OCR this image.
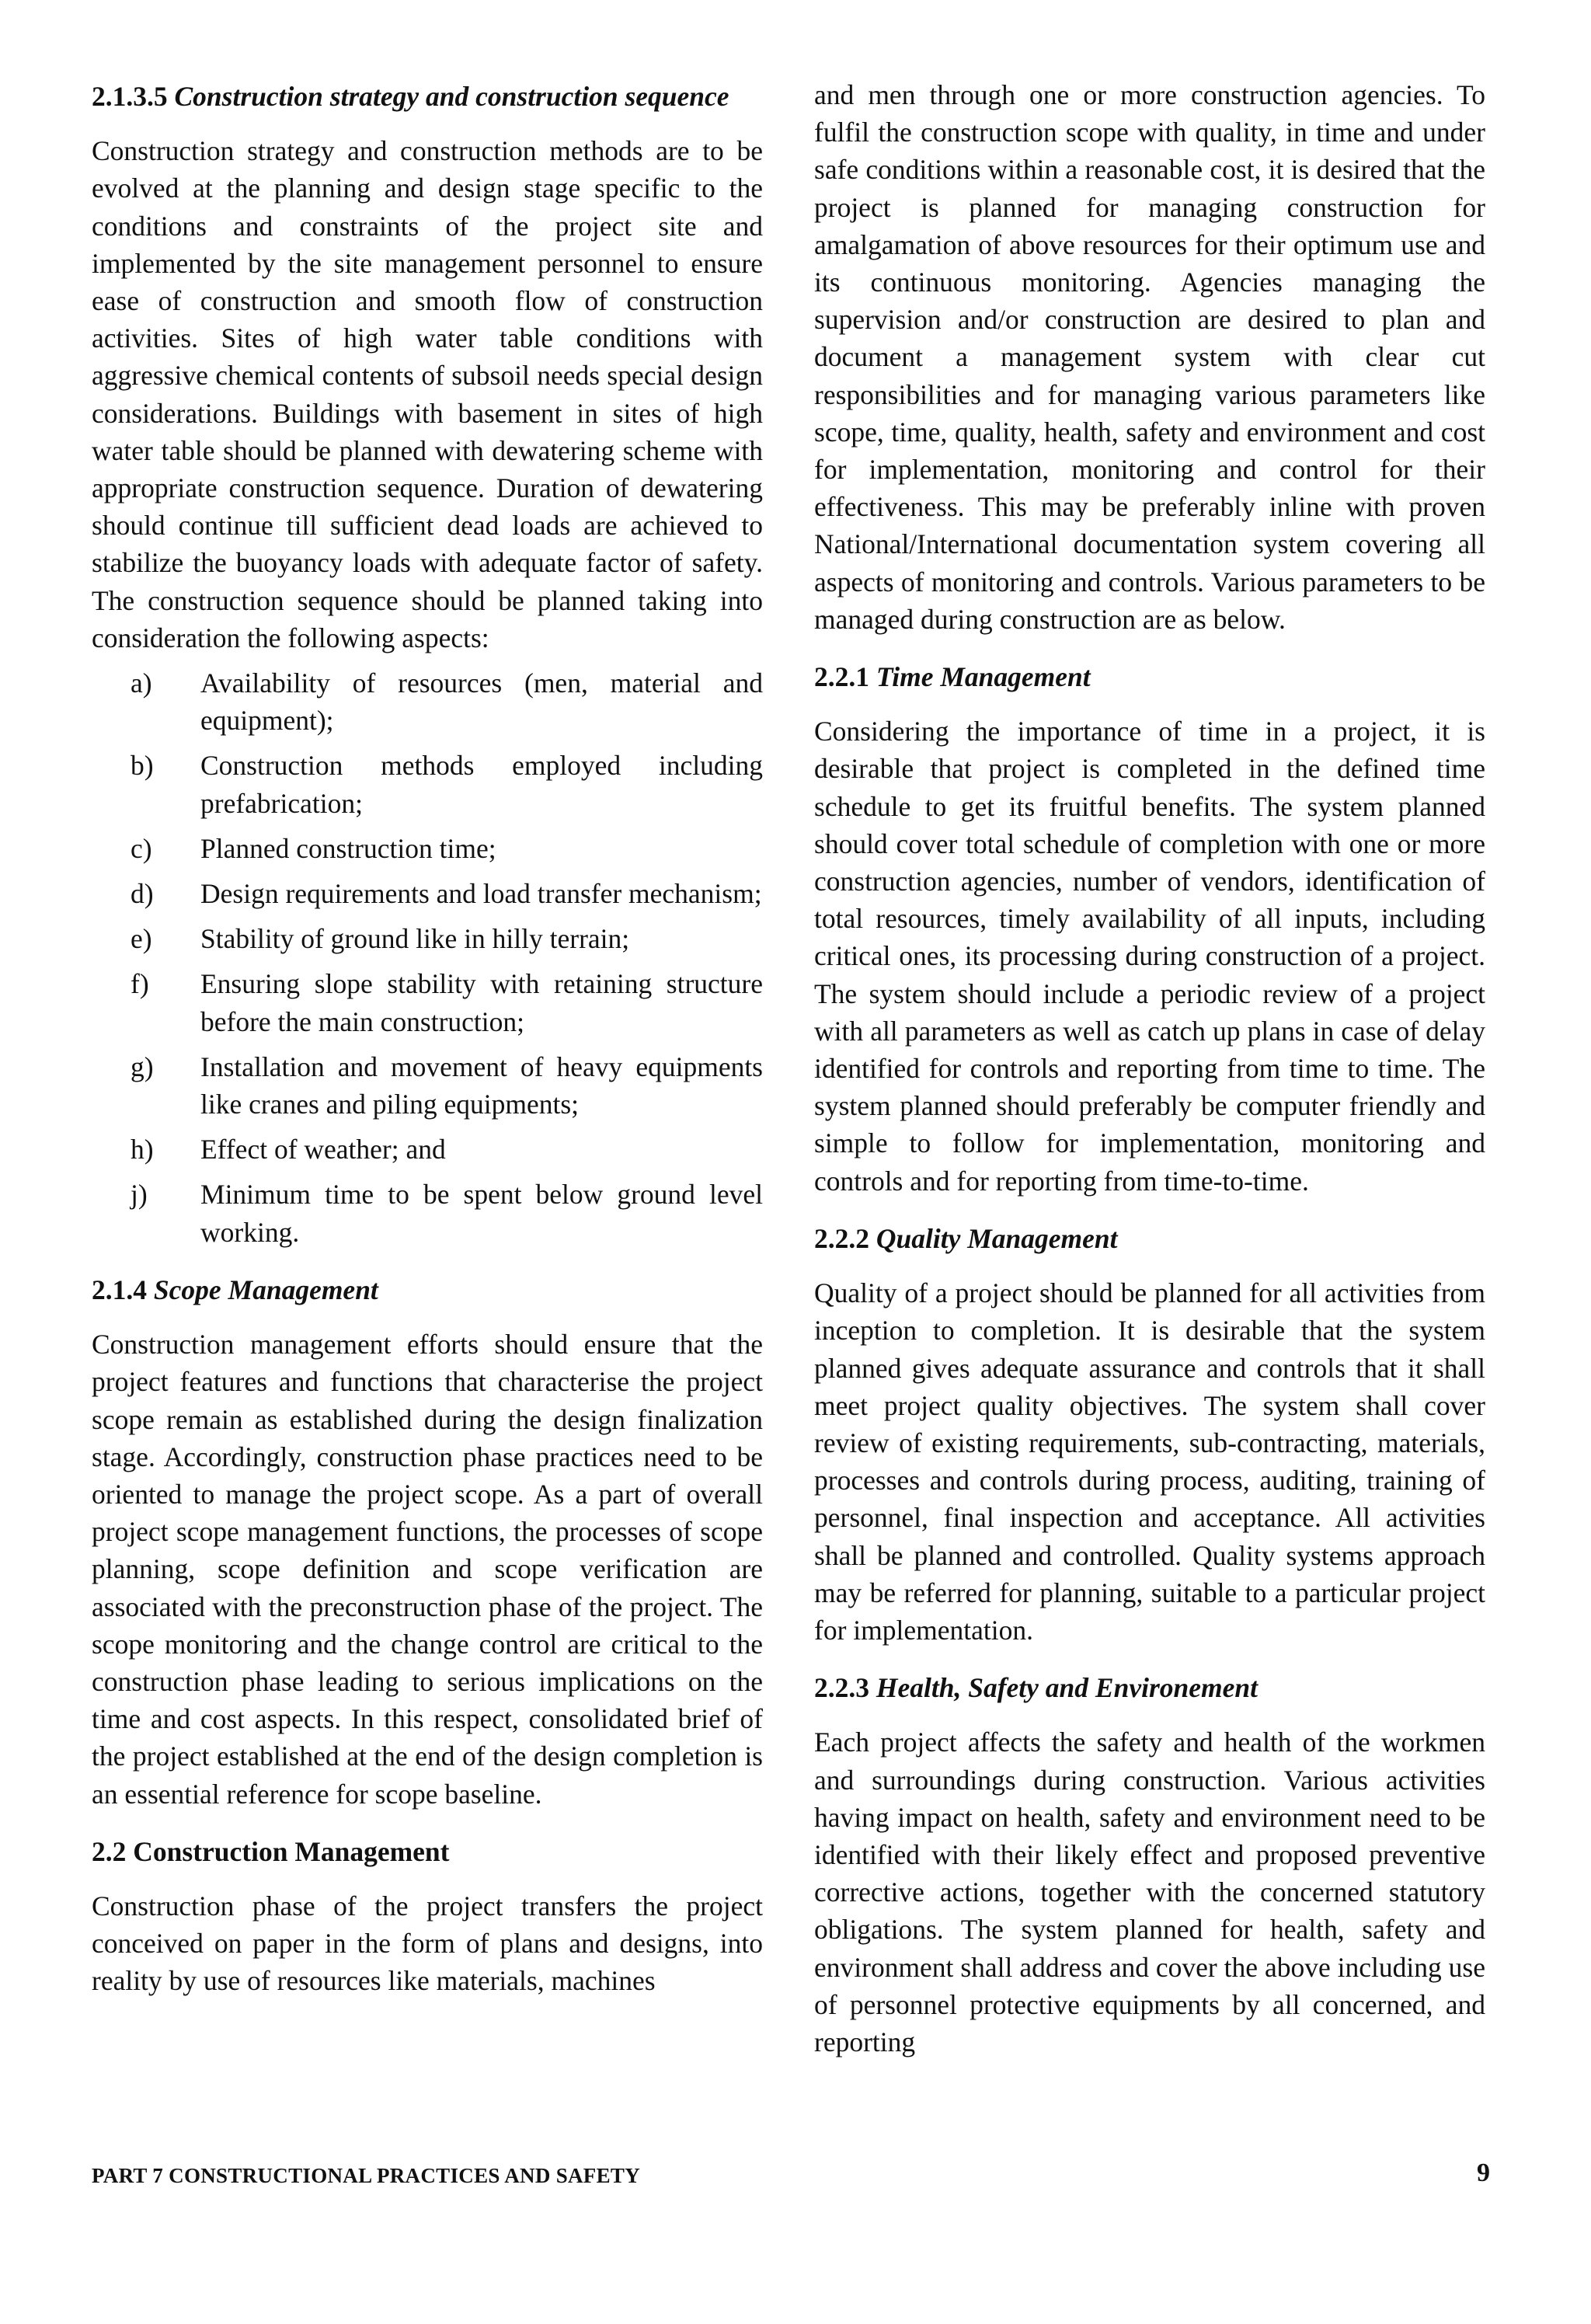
2.1.3.5 Construction strategy and construction sequence

Construction strategy and construction methods are to be evolved at the planning and design stage specific to the conditions and constraints of the project site and implemented by the site management personnel to ensure ease of construction and smooth flow of construction activities. Sites of high water table conditions with aggressive chemical contents of subsoil needs special design considerations. Buildings with basement in sites of high water table should be planned with dewatering scheme with appropriate construction sequence. Duration of dewatering should continue till sufficient dead loads are achieved to stabilize the buoyancy loads with adequate factor of safety. The construction sequence should be planned taking into consideration the following aspects:

a) Availability of resources (men, material and equipment);
b) Construction methods employed including prefabrication;
c) Planned construction time;
d) Design requirements and load transfer mechanism;
e) Stability of ground like in hilly terrain;
f) Ensuring slope stability with retaining structure before the main construction;
g) Installation and movement of heavy equipments like cranes and piling equipments;
h) Effect of weather; and
j) Minimum time to be spent below ground level working.
2.1.4 Scope Management

Construction management efforts should ensure that the project features and functions that characterise the project scope remain as established during the design finalization stage. Accordingly, construction phase practices need to be oriented to manage the project scope. As a part of overall project scope management functions, the processes of scope planning, scope definition and scope verification are associated with the preconstruction phase of the project. The scope monitoring and the change control are critical to the construction phase leading to serious implications on the time and cost aspects. In this respect, consolidated brief of the project established at the end of the design completion is an essential reference for scope baseline.

2.2 Construction Management

Construction phase of the project transfers the project conceived on paper in the form of plans and designs, into reality by use of resources like materials, machines

and men through one or more construction agencies. To fulfil the construction scope with quality, in time and under safe conditions within a reasonable cost, it is desired that the project is planned for managing construction for amalgamation of above resources for their optimum use and its continuous monitoring. Agencies managing the supervision and/or construction are desired to plan and document a management system with clear cut responsibilities and for managing various parameters like scope, time, quality, health, safety and environment and cost for implementation, monitoring and control for their effectiveness. This may be preferably inline with proven National/International documentation system covering all aspects of monitoring and controls. Various parameters to be managed during construction are as below.

2.2.1 Time Management

Considering the importance of time in a project, it is desirable that project is completed in the defined time schedule to get its fruitful benefits. The system planned should cover total schedule of completion with one or more construction agencies, number of vendors, identification of total resources, timely availability of all inputs, including critical ones, its processing during construction of a project. The system should include a periodic review of a project with all parameters as well as catch up plans in case of delay identified for controls and reporting from time to time. The system planned should preferably be computer friendly and simple to follow for implementation, monitoring and controls and for reporting from time-to-time.

2.2.2 Quality Management

Quality of a project should be planned for all activities from inception to completion. It is desirable that the system planned gives adequate assurance and controls that it shall meet project quality objectives. The system shall cover review of existing requirements, sub-contracting, materials, processes and controls during process, auditing, training of personnel, final inspection and acceptance. All activities shall be planned and controlled. Quality systems approach may be referred for planning, suitable to a particular project for implementation.

2.2.3 Health, Safety and Environement

Each project affects the safety and health of the workmen and surroundings during construction. Various activities having impact on health, safety and environment need to be identified with their likely effect and proposed preventive corrective actions, together with the concerned statutory obligations. The system planned for health, safety and environment shall address and cover the above including use of personnel protective equipments by all concerned, and reporting

PART 7 CONSTRUCTIONAL PRACTICES AND SAFETY	9
